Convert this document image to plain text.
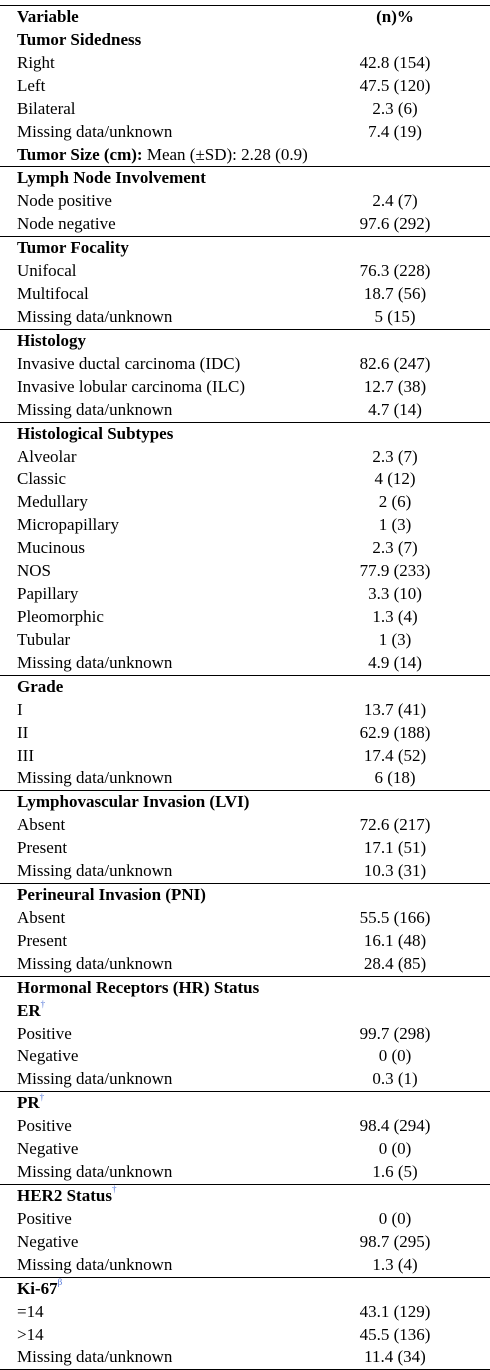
Variable	(n)%
Tumor Sidedness
Right	42.8 (154)
Left	47.5 (120)
Bilateral	2.3 (6)
Missing data/unknown	7.4 (19)
Tumor Size (cm): Mean (±SD): 2.28 (0.9)
Lymph Node Involvement
Node positive	2.4 (7)
Node negative	97.6 (292)
Tumor Focality
Unifocal	76.3 (228)
Multifocal	18.7 (56)
Missing data/unknown	5 (15)
Histology
Invasive ductal carcinoma (IDC)	82.6 (247)
Invasive lobular carcinoma (ILC)	12.7 (38)
Missing data/unknown	4.7 (14)
Histological Subtypes
Alveolar	2.3 (7)
Classic	4 (12)
Medullary	2 (6)
Micropapillary	1 (3)
Mucinous	2.3 (7)
NOS	77.9 (233)
Papillary	3.3 (10)
Pleomorphic	1.3 (4)
Tubular	1 (3)
Missing data/unknown	4.9 (14)
Grade
I	13.7 (41)
II	62.9 (188)
III	17.4 (52)
Missing data/unknown	6 (18)
Lymphovascular Invasion (LVI)
Absent	72.6 (217)
Present	17.1 (51)
Missing data/unknown	10.3 (31)
Perineural Invasion (PNI)
Absent	55.5 (166)
Present	16.1 (48)
Missing data/unknown	28.4 (85)
Hormonal Receptors (HR) Status
ER†
Positive	99.7 (298)
Negative	0 (0)
Missing data/unknown	0.3 (1)
PR†
Positive	98.4 (294)
Negative	0 (0)
Missing data/unknown	1.6 (5)
HER2 Status†
Positive	0 (0)
Negative	98.7 (295)
Missing data/unknown	1.3 (4)
$Ki-67^\beta$
=14	43.1 (129)
>14	45.5 (136)
Missing data/unknown	11.4 (34)
